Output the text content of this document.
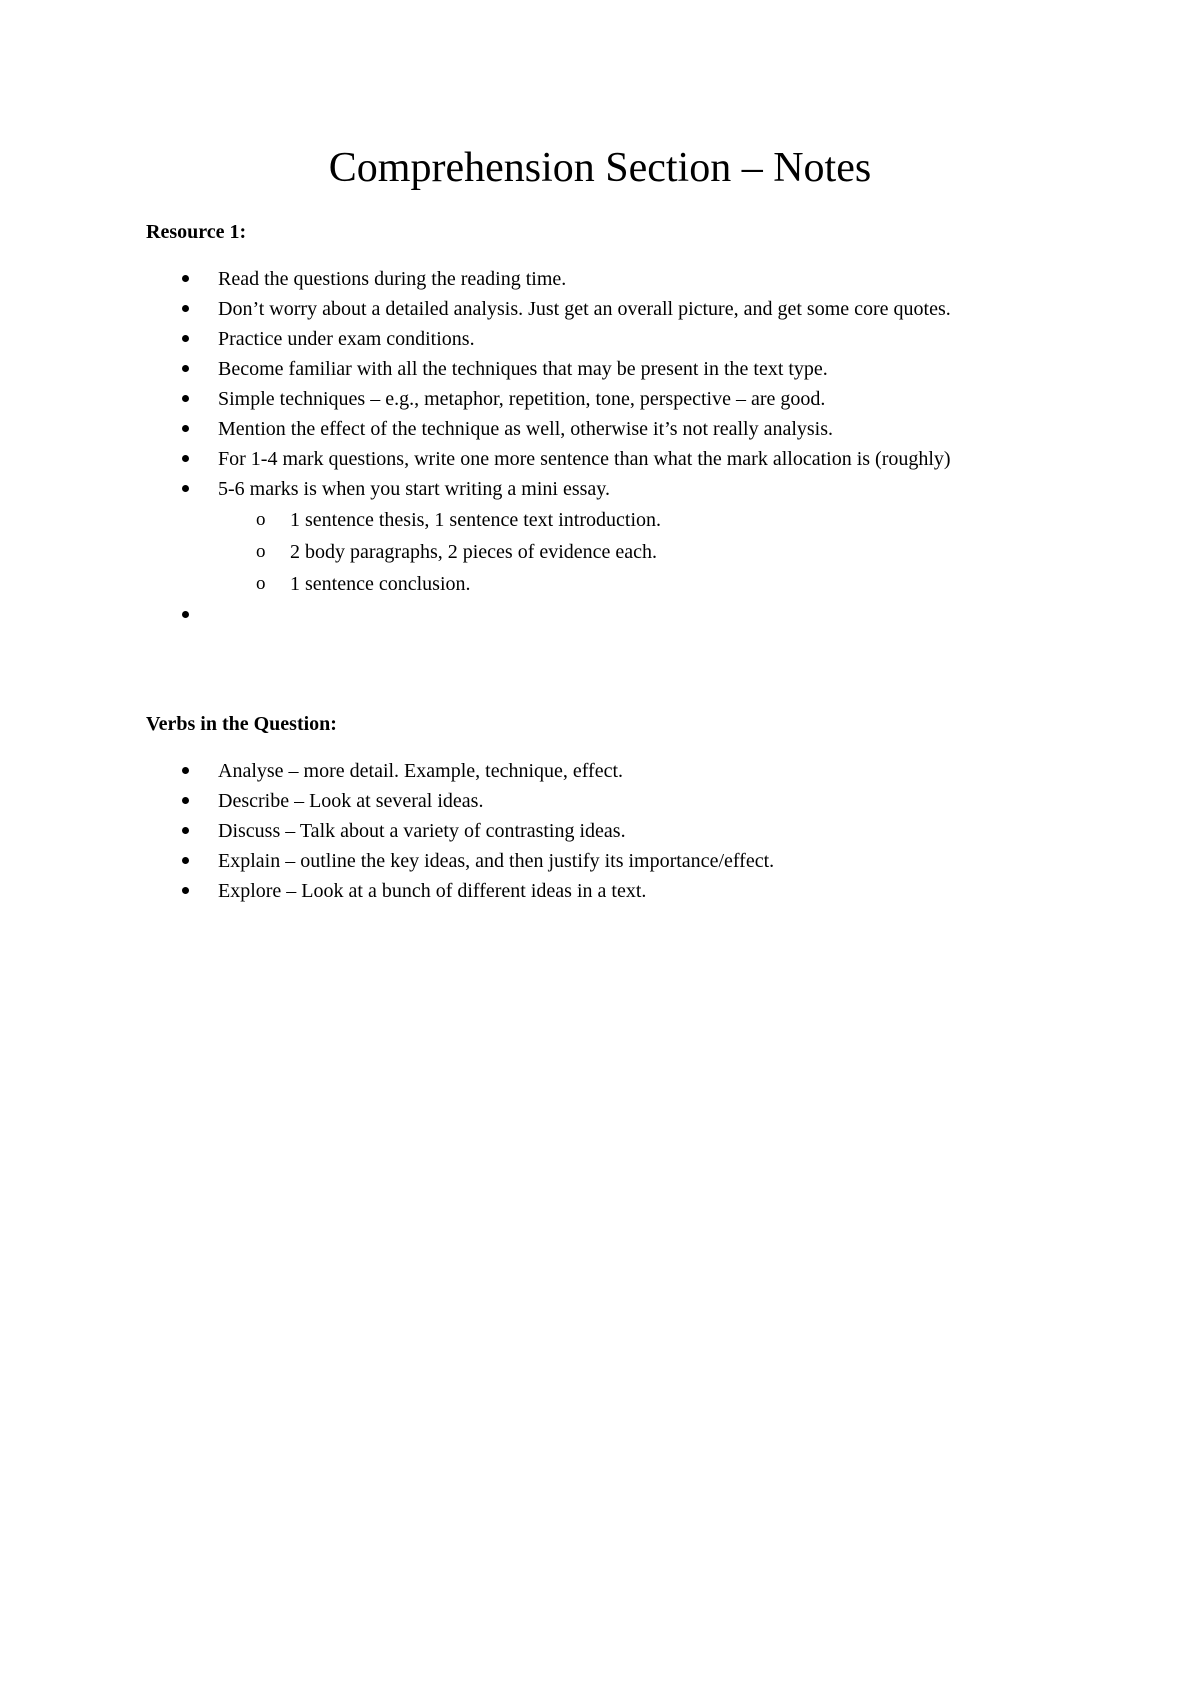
Comprehension Section – Notes

Resource 1:

Read the questions during the reading time.
Don’t worry about a detailed analysis. Just get an overall picture, and get some core quotes.
Practice under exam conditions.
Become familiar with all the techniques that may be present in the text type.
Simple techniques – e.g., metaphor, repetition, tone, perspective – are good.
Mention the effect of the technique as well, otherwise it’s not really analysis.
For 1-4 mark questions, write one more sentence than what the mark allocation is (roughly)
5-6 marks is when you start writing a mini essay.
o 1 sentence thesis, 1 sentence text introduction.
o 2 body paragraphs, 2 pieces of evidence each.
o 1 sentence conclusion.

Verbs in the Question:

Analyse – more detail. Example, technique, effect.
Describe – Look at several ideas.
Discuss – Talk about a variety of contrasting ideas.
Explain – outline the key ideas, and then justify its importance/effect.
Explore – Look at a bunch of different ideas in a text.
